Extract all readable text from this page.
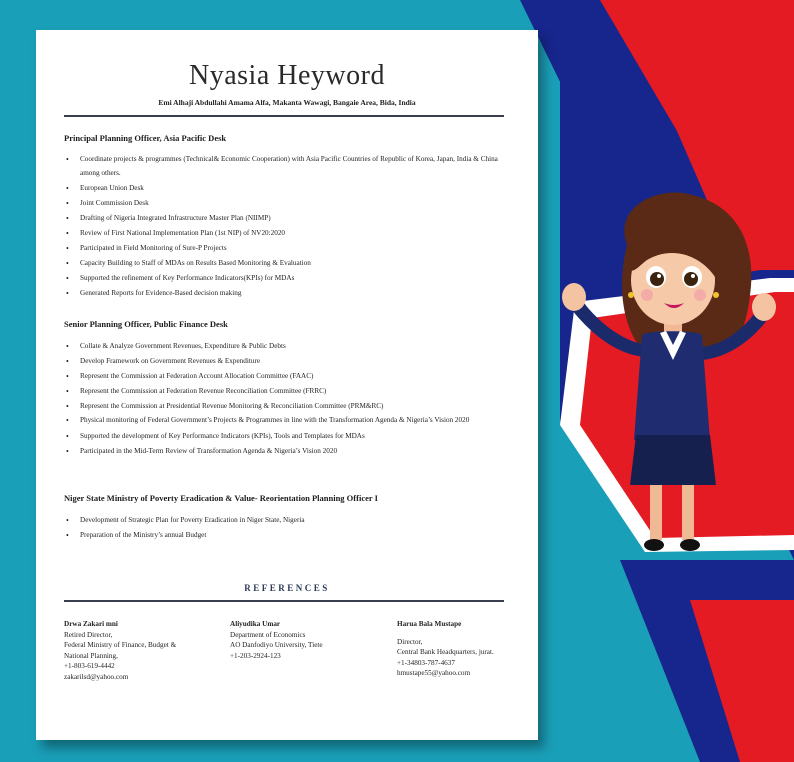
Nyasia Heyword
Emi Alhaji Abdullahi Amama Alfa, Makanta Wawagi, Bangaie Area, Bida, India
Principal Planning Officer, Asia Pacific Desk
• Coordinate projects & programmes (Technical& Economic Cooperation) with Asia Pacific Countries of Republic of Korea, Japan, India & China among others.
• European Union Desk
• Joint Commission Desk
• Drafting of Nigeria Integrated Infrastructure Master Plan (NIIMP)
• Review of First National Implementation Plan (1st NIP) of NV20:2020
• Participated in Field Monitoring of Sure-P Projects
• Capacity Building to Staff of MDAs on Results Based Monitoring & Evaluation
• Supported the refinement of Key Performance Indicators(KPIs) for MDAs
• Generated Reports for Evidence-Based decision making
Senior Planning Officer, Public Finance Desk
• Collate & Analyze Government Revenues, Expenditure & Public Debts
• Develop Framework on Government Revenues & Expenditure
• Represent the Commission at Federation Account Allocation Committee (FAAC)
• Represent the Commission at Federation Revenue Reconciliation Committee (FRRC)
• Represent the Commission at Presidential Revenue Monitoring & Reconciliation Committee (PRM&RC)
• Physical monitoring of Federal Government’s Projects & Programmes in line with the Transformation Agenda & Nigeria’s Vision 2020
• Supported the development of Key Performance Indicators (KPIs), Tools and Templates for MDAs
• Participated in the Mid-Term Review of Transformation Agenda & Nigeria’s Vision 2020
Niger State Ministry of Poverty Eradication & Value- Reorientation Planning Officer I
• Development of Strategic Plan for Poverty Eradication in Niger State, Nigeria
• Preparation of the Ministry’s annual Budget
REFERENCES
Drwa Zakari mni
Retired Director,
Federal Ministry of Finance, Budget &
National Planning,
+1-803-619-4442
zakarilsd@yahoo.com
Aliyudika Umar
Department of Economics
AO Danfodiyo University, Tiete
+1-203-2924-123
Harua Bala Mustape
Director,
Central Bank Headquarters, jurat.
+1-34803-787-4637
hmustape55@yahoo.com
